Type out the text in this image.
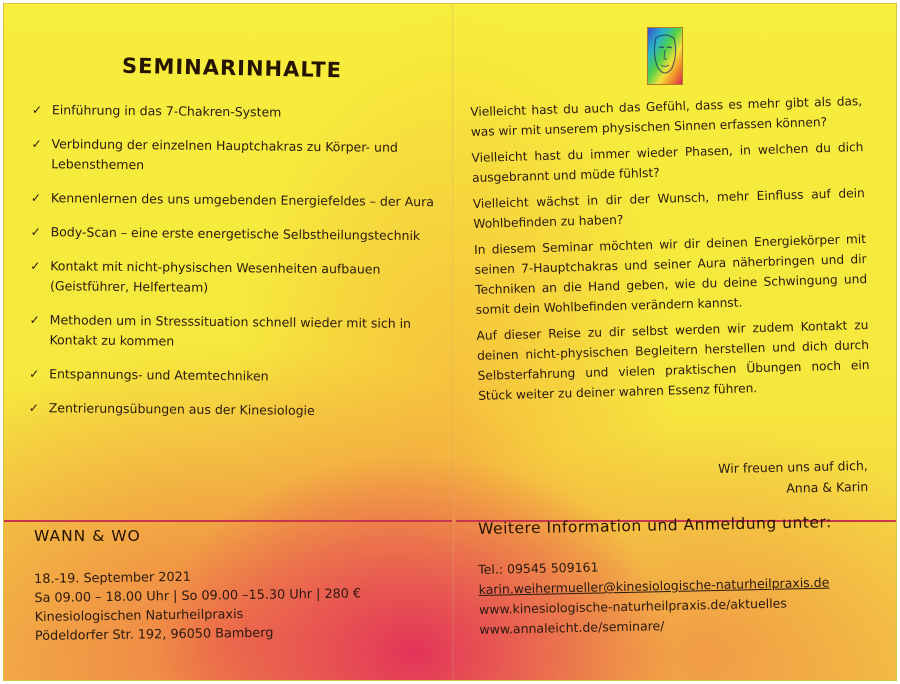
SEMINARINHALTE
✓ Einführung in das 7-Chakren-System
✓ Verbindung der einzelnen Hauptchakras zu Körper- und Lebensthemen
✓ Kennenlernen des uns umgebenden Energiefeldes – der Aura
✓ Body-Scan – eine erste energetische Selbstheilungstechnik
✓ Kontakt mit nicht-physischen Wesenheiten aufbauen (Geistführer, Helferteam)
✓ Methoden um in Stresssituation schnell wieder mit sich in Kontakt zu kommen
✓ Entspannungs- und Atemtechniken
✓ Zentrierungsübungen aus der Kinesiologie
WANN & WO
18.-19. September 2021
Sa 09.00 – 18.00 Uhr | So 09.00 –15.30 Uhr | 280 €
Kinesiologischen Naturheilpraxis
Pödeldorfer Str. 192, 96050 Bamberg

Vielleicht hast du auch das Gefühl, dass es mehr gibt als das, was wir mit unserem physischen Sinnen erfassen können?

Vielleicht hast du immer wieder Phasen, in welchen du dich ausgebrannt und müde fühlst?

Vielleicht wächst in dir der Wunsch, mehr Einfluss auf dein Wohlbefinden zu haben?

In diesem Seminar möchten wir dir deinen Energiekörper mit seinen 7-Hauptchakras und seiner Aura näherbringen und dir Techniken an die Hand geben, wie du deine Schwingung und somit dein Wohlbefinden verändern kannst.

Auf dieser Reise zu dir selbst werden wir zudem Kontakt zu deinen nicht-physischen Begleitern herstellen und dich durch Selbsterfahrung und vielen praktischen Übungen noch ein Stück weiter zu deiner wahren Essenz führen.

Wir freuen uns auf dich,
Anna & Karin
Weitere Information und Anmeldung unter:
Tel.: 09545 509161
karin.weihermueller@kinesiologische-naturheilpraxis.de
www.kinesiologische-naturheilpraxis.de/aktuelles
www.annaleicht.de/seminare/
